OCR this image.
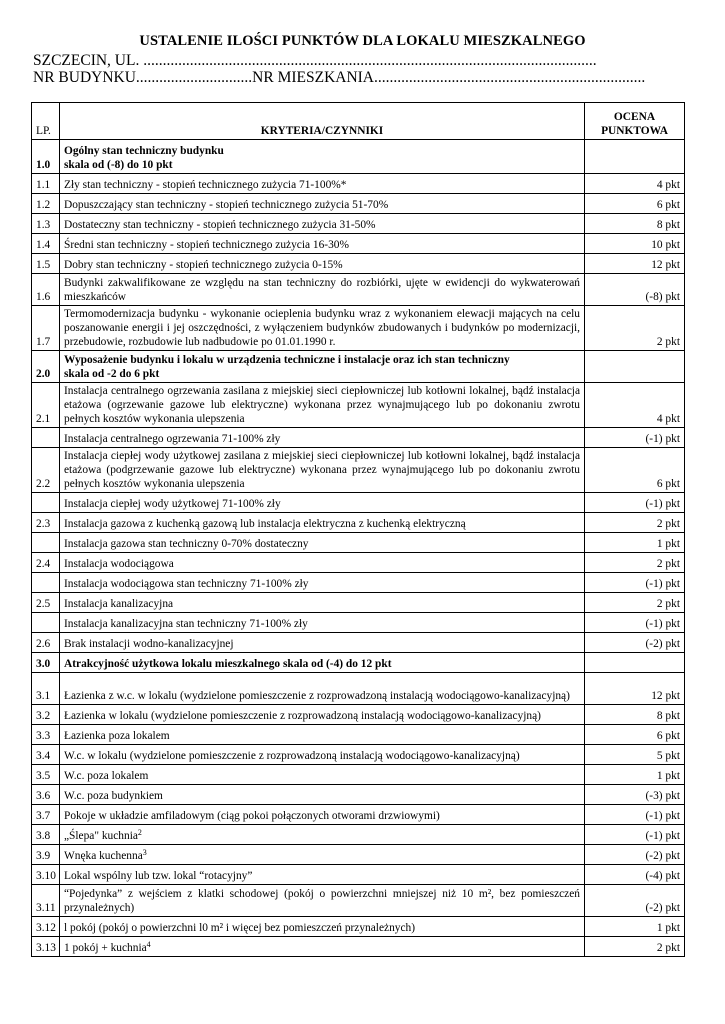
USTALENIE ILOŚCI PUNKTÓW DLA LOKALU MIESZKALNEGO
SZCZECIN, UL. .....................................................................................................................
NR BUDYNKU..............................NR MIESZKANIA......................................................................
LP.	KRYTERIA/CZYNNIKI	OCENA PUNKTOWA
1.0	Ogólny stan techniczny budynku
skala od (-8) do 10 pkt	
1.1	Zły stan techniczny - stopień technicznego zużycia 71-100%*	4 pkt
1.2	Dopuszczający stan techniczny - stopień technicznego zużycia 51-70%	6 pkt
1.3	Dostateczny stan techniczny - stopień technicznego zużycia 31-50%	8 pkt
1.4	Średni stan techniczny - stopień technicznego zużycia 16-30%	10 pkt
1.5	Dobry stan techniczny - stopień technicznego zużycia 0-15%	12 pkt
1.6	Budynki zakwalifikowane ze względu na stan techniczny do rozbiórki, ujęte w ewidencji do wykwaterowań mieszkańców	(-8) pkt
1.7	Termomodernizacja budynku - wykonanie ocieplenia budynku wraz z wykonaniem elewacji mających na celu poszanowanie energii i jej oszczędności, z wyłączeniem budynków zbudowanych i budynków po modernizacji, przebudowie, rozbudowie lub nadbudowie po 01.01.1990 r.	2 pkt
2.0	Wyposażenie budynku i lokalu w urządzenia techniczne i instalacje oraz ich stan techniczny
skala od -2 do 6 pkt	
2.1	Instalacja centralnego ogrzewania zasilana z miejskiej sieci ciepłowniczej lub kotłowni lokalnej, bądź instalacja etażowa (ogrzewanie gazowe lub elektryczne) wykonana przez wynajmującego lub po dokonaniu zwrotu pełnych kosztów wykonania ulepszenia	4 pkt
	Instalacja centralnego ogrzewania 71-100% zły	(-1) pkt
2.2	Instalacja ciepłej wody użytkowej zasilana z miejskiej sieci ciepłowniczej lub kotłowni lokalnej, bądź instalacja etażowa (podgrzewanie gazowe lub elektryczne) wykonana przez wynajmującego lub po dokonaniu zwrotu pełnych kosztów wykonania ulepszenia	6 pkt
	Instalacja ciepłej wody użytkowej 71-100% zły	(-1) pkt
2.3	Instalacja gazowa z kuchenką gazową lub instalacja elektryczna z kuchenką elektryczną	2 pkt
	Instalacja gazowa stan techniczny 0-70% dostateczny	1 pkt
2.4	Instalacja wodociągowa	2 pkt
	Instalacja wodociągowa stan techniczny 71-100% zły	(-1) pkt
2.5	Instalacja kanalizacyjna	2 pkt
	Instalacja kanalizacyjna stan techniczny 71-100% zły	(-1) pkt
2.6	Brak instalacji wodno-kanalizacyjnej	(-2) pkt
3.0	Atrakcyjność użytkowa lokalu mieszkalnego skala od (-4) do 12 pkt	
3.1	Łazienka z w.c. w lokalu (wydzielone pomieszczenie z rozprowadzoną instalacją wodociągowo-kanalizacyjną)	12 pkt
3.2	Łazienka w lokalu (wydzielone pomieszczenie z rozprowadzoną instalacją wodociągowo-kanalizacyjną)	8 pkt
3.3	Łazienka poza lokalem	6 pkt
3.4	W.c. w lokalu (wydzielone pomieszczenie z rozprowadzoną instalacją wodociągowo-kanalizacyjną)	5 pkt
3.5	W.c. poza lokalem	1 pkt
3.6	W.c. poza budynkiem	(-3) pkt
3.7	Pokoje w układzie amfiladowym (ciąg pokoi połączonych otworami drzwiowymi)	(-1) pkt
3.8	„Ślepa" kuchnia$^2$	(-1) pkt
3.9	Wnęka kuchenna$^3$	(-2) pkt
3.10	Lokal wspólny lub tzw. lokal “rotacyjny”	(-4) pkt
3.11	“Pojedynka” z wejściem z klatki schodowej (pokój o powierzchni mniejszej niż 10 m², bez pomieszczeń przynależnych)	(-2) pkt
3.12	l pokój (pokój o powierzchni l0 m² i więcej bez pomieszczeń przynależnych)	1 pkt
3.13	1 pokój + kuchnia$^4$	2 pkt
